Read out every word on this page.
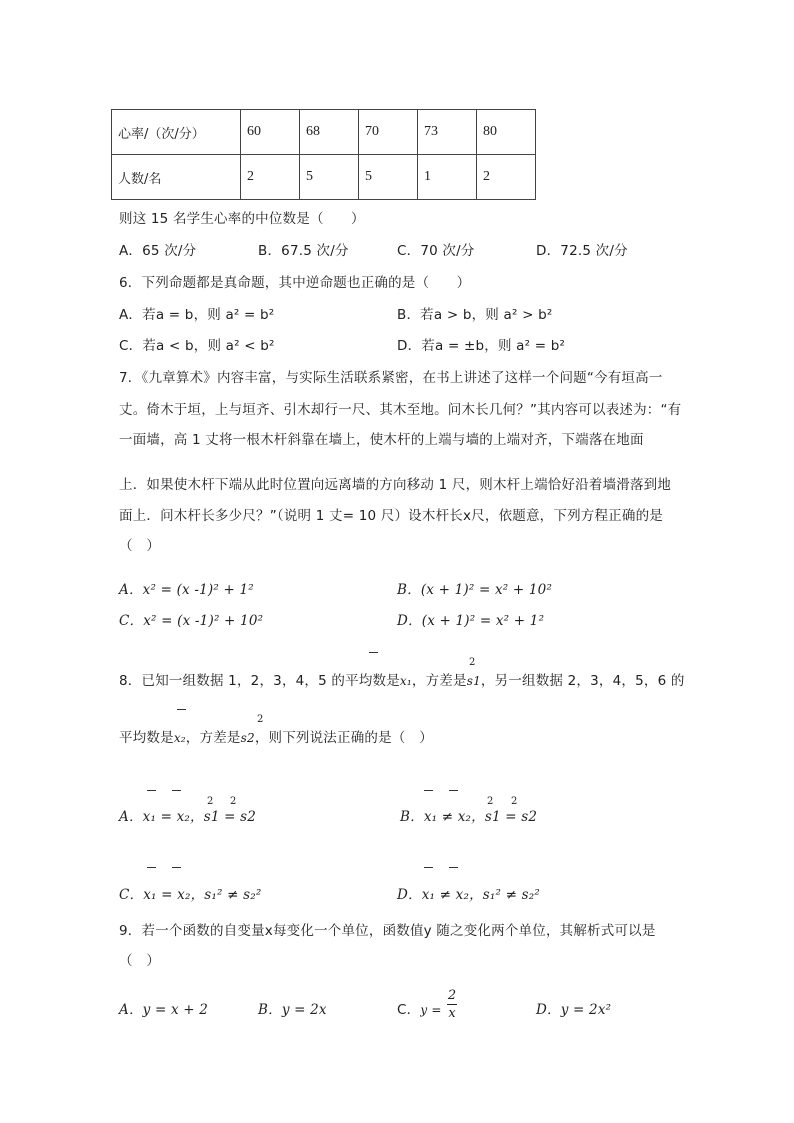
心率/（次/分）	60	68	70	73	80
人数/名	2	5	5	1	2
则这 15 名学生心率的中位数是（　　）
A．65 次/分	B．67.5 次/分	C．70 次/分	D．72.5 次/分
6．下列命题都是真命题，其中逆命题也正确的是（　　）
A．若a = b，则 a² = b²	B．若a > b，则 a² > b²
C．若a < b，则 a² < b²	D．若a = ±b，则 a² = b²
7．《九章算术》内容丰富，与实际生活联系紧密，在书上讲述了这样一个问题“今有垣高一
丈。倚木于垣，上与垣齐、引木却行一尺、其木至地。问木长几何？”其内容可以表述为：“有
一面墙，高 1 丈将一根木杆斜靠在墙上，使木杆的上端与墙的上端对齐，下端落在地面
上．如果使木杆下端从此时位置向远离墙的方向移动 1 尺，则木杆上端恰好沿着墙滑落到地
面上．问木杆长多少尺？”（说明 1 丈= 10 尺）设木杆长x尺，依题意，下列方程正确的是
（　）
A．x² = (x -1)² + 1²	B．(x + 1)² = x² + 10²
C．x² = (x -1)² + 10²	D．(x + 1)² = x² + 1²
2
8．已知一组数据 1，2，3，4，5 的平均数是x₁，方差是s1，另一组数据 2，3，4，5，6 的
2
平均数是x₂，方差是s2，则下列说法正确的是（　）
2 2	2 2
A．x₁ = x₂，s1 = s2	B．x₁ ≠ x₂，s1 = s2
C．x₁ = x₂，s₁² ≠ s₂²	D．x₁ ≠ x₂，s₁² ≠ s₂²
9．若一个函数的自变量x每变化一个单位，函数值y 随之变化两个单位，其解析式可以是
（　）
A．y = x + 2	B．y = 2x	C．y =
2
x	D．y = 2x²
